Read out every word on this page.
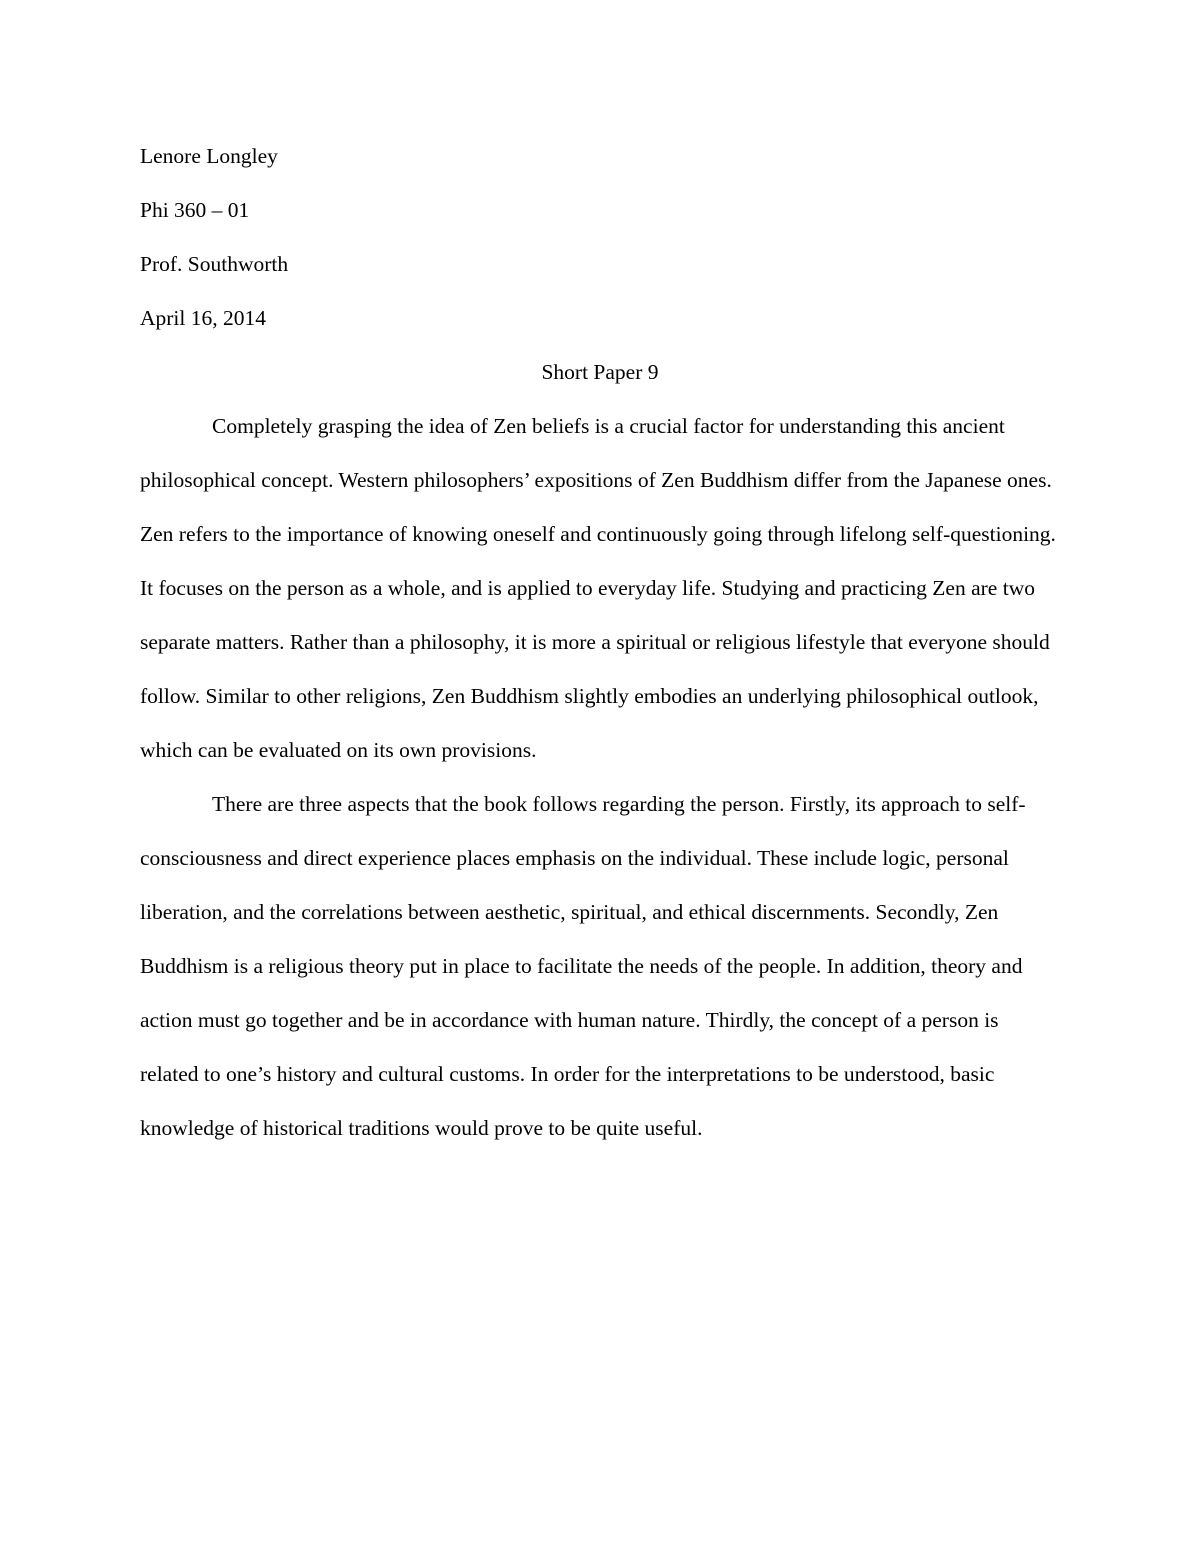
Lenore Longley

Phi 360 – 01

Prof. Southworth

April 16, 2014

Short Paper 9

Completely grasping the idea of Zen beliefs is a crucial factor for understanding this ancient philosophical concept. Western philosophers’ expositions of Zen Buddhism differ from the Japanese ones. Zen refers to the importance of knowing oneself and continuously going through lifelong self-questioning. It focuses on the person as a whole, and is applied to everyday life. Studying and practicing Zen are two separate matters. Rather than a philosophy, it is more a spiritual or religious lifestyle that everyone should follow. Similar to other religions, Zen Buddhism slightly embodies an underlying philosophical outlook, which can be evaluated on its own provisions.

There are three aspects that the book follows regarding the person. Firstly, its approach to self-consciousness and direct experience places emphasis on the individual. These include logic, personal liberation, and the correlations between aesthetic, spiritual, and ethical discernments. Secondly, Zen Buddhism is a religious theory put in place to facilitate the needs of the people. In addition, theory and action must go together and be in accordance with human nature. Thirdly, the concept of a person is related to one’s history and cultural customs. In order for the interpretations to be understood, basic knowledge of historical traditions would prove to be quite useful.
